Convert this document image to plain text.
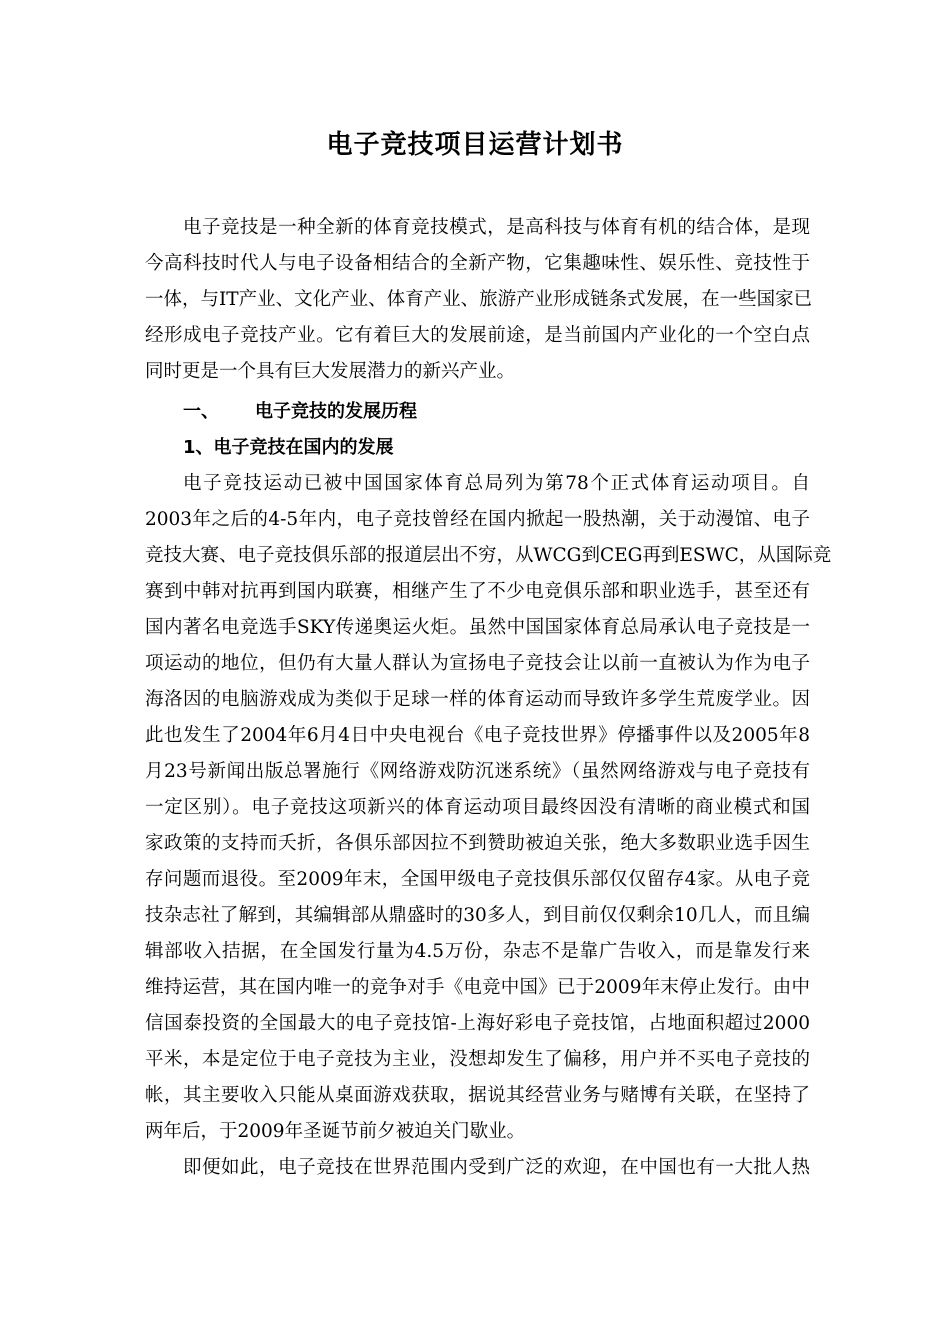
电子竞技项目运营计划书
电子竞技是一种全新的体育竞技模式，是高科技与体育有机的结合体，是现
今高科技时代人与电子设备相结合的全新产物，它集趣味性、娱乐性、竞技性于
一体，与IT产业、文化产业、体育产业、旅游产业形成链条式发展，在一些国家已
经形成电子竞技产业。它有着巨大的发展前途，是当前国内产业化的一个空白点
同时更是一个具有巨大发展潜力的新兴产业。
一、 电子竞技的发展历程
1、电子竞技在国内的发展
电子竞技运动已被中国国家体育总局列为第78个正式体育运动项目。自
2003年之后的4-5年内，电子竞技曾经在国内掀起一股热潮，关于动漫馆、电子
竞技大赛、电子竞技俱乐部的报道层出不穷，从WCG到CEG再到ESWC，从国际竞
赛到中韩对抗再到国内联赛，相继产生了不少电竞俱乐部和职业选手，甚至还有
国内著名电竞选手SKY传递奥运火炬。虽然中国国家体育总局承认电子竞技是一
项运动的地位，但仍有大量人群认为宣扬电子竞技会让以前一直被认为作为电子
海洛因的电脑游戏成为类似于足球一样的体育运动而导致许多学生荒废学业。因
此也发生了2004年6月4日中央电视台《电子竞技世界》停播事件以及2005年8
月23号新闻出版总署施行《网络游戏防沉迷系统》（虽然网络游戏与电子竞技有
一定区别）。电子竞技这项新兴的体育运动项目最终因没有清晰的商业模式和国
家政策的支持而夭折，各俱乐部因拉不到赞助被迫关张，绝大多数职业选手因生
存问题而退役。至2009年末，全国甲级电子竞技俱乐部仅仅留存4家。从电子竞
技杂志社了解到，其编辑部从鼎盛时的30多人，到目前仅仅剩余10几人，而且编
辑部收入拮据，在全国发行量为4.5万份，杂志不是靠广告收入，而是靠发行来
维持运营，其在国内唯一的竞争对手《电竞中国》已于2009年末停止发行。由中
信国泰投资的全国最大的电子竞技馆-上海好彩电子竞技馆，占地面积超过2000
平米，本是定位于电子竞技为主业，没想却发生了偏移，用户并不买电子竞技的
帐，其主要收入只能从桌面游戏获取，据说其经营业务与赌博有关联，在坚持了
两年后，于2009年圣诞节前夕被迫关门歇业。
即便如此，电子竞技在世界范围内受到广泛的欢迎，在中国也有一大批人热
